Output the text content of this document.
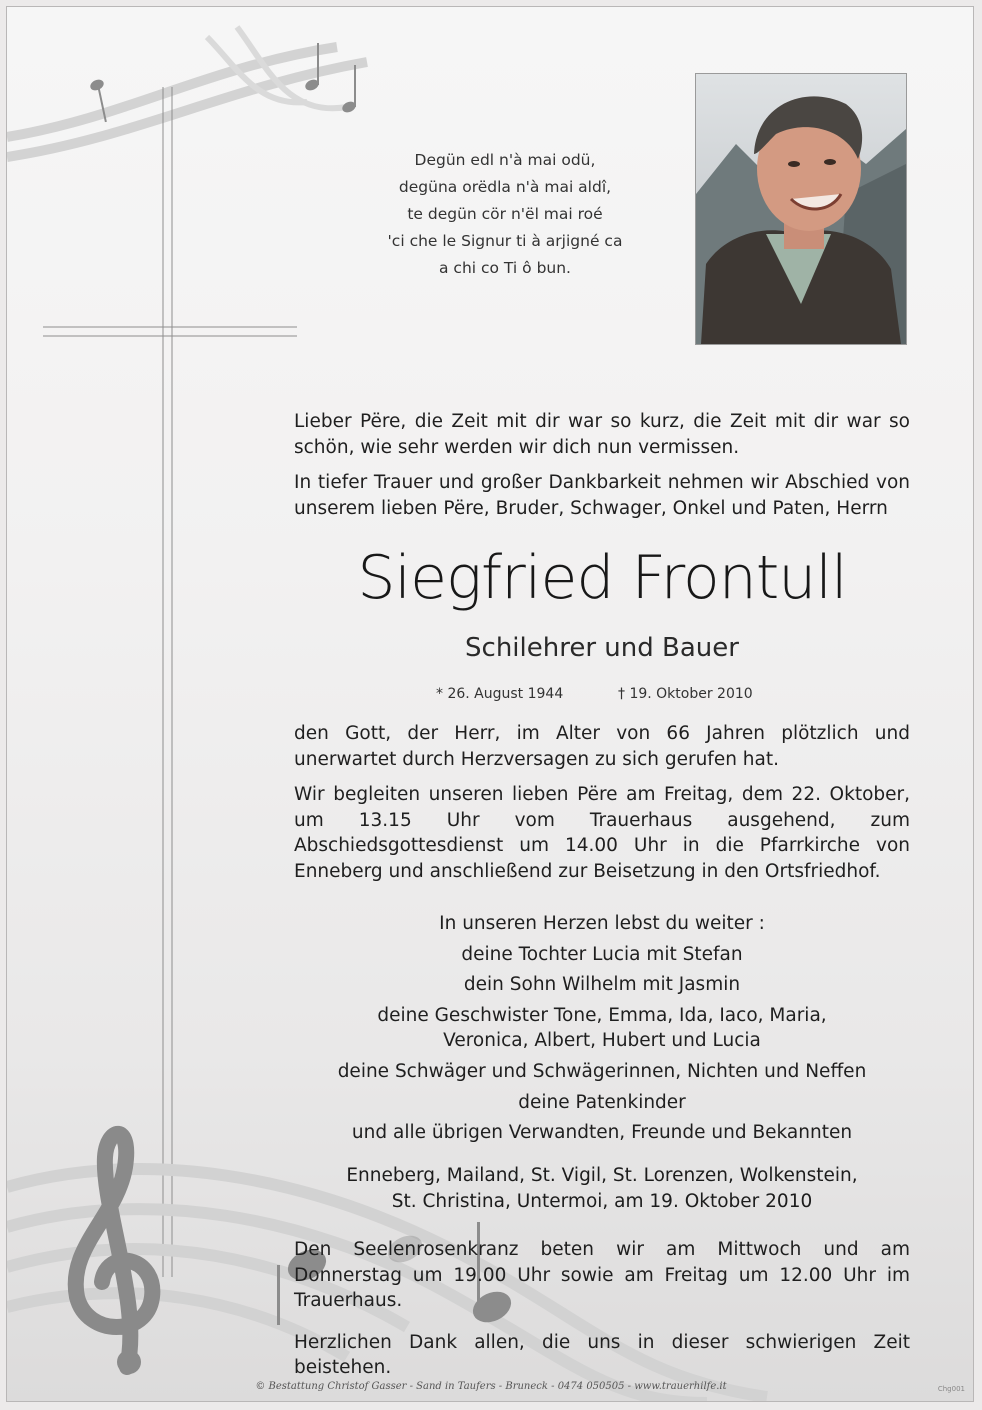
Degün edl n'à mai odü,
degüna orëdla n'à mai aldî,
te degün cör n'ël mai roé
'ci che le Signur ti à arjigné ca
a chi co Ti ô bun.

Lieber Përe, die Zeit mit dir war so kurz, die Zeit mit dir war so schön, wie sehr werden wir dich nun vermissen.

In tiefer Trauer und großer Dankbarkeit nehmen wir Abschied von unserem lieben Përe, Bruder, Schwager, Onkel und Paten, Herrn

Siegfried Frontull
Schilehrer und Bauer
* 26. August 1944	† 19. Oktober 2010

den Gott, der Herr, im Alter von 66 Jahren plötzlich und unerwartet durch Herzversagen zu sich gerufen hat.

Wir begleiten unseren lieben Përe am Freitag, dem 22. Oktober, um 13.15 Uhr vom Trauerhaus ausgehend, zum Abschiedsgottesdienst um 14.00 Uhr in die Pfarrkirche von Enneberg und anschließend zur Beisetzung in den Ortsfriedhof.

In unseren Herzen lebst du weiter :
deine Tochter Lucia mit Stefan
dein Sohn Wilhelm mit Jasmin
deine Geschwister Tone, Emma, Ida, Iaco, Maria,
Veronica, Albert, Hubert und Lucia
deine Schwäger und Schwägerinnen, Nichten und Neffen
deine Patenkinder
und alle übrigen Verwandten, Freunde und Bekannten
Enneberg, Mailand, St. Vigil, St. Lorenzen, Wolkenstein,
St. Christina, Untermoi, am 19. Oktober 2010

Den Seelenrosenkranz beten wir am Mittwoch und am Donnerstag um 19.00 Uhr sowie am Freitag um 12.00 Uhr im Trauerhaus.

Herzlichen Dank allen, die uns in dieser schwierigen Zeit beistehen.

© Bestattung Christof Gasser - Sand in Taufers - Bruneck - 0474 050505 - www.trauerhilfe.it	Chg001
